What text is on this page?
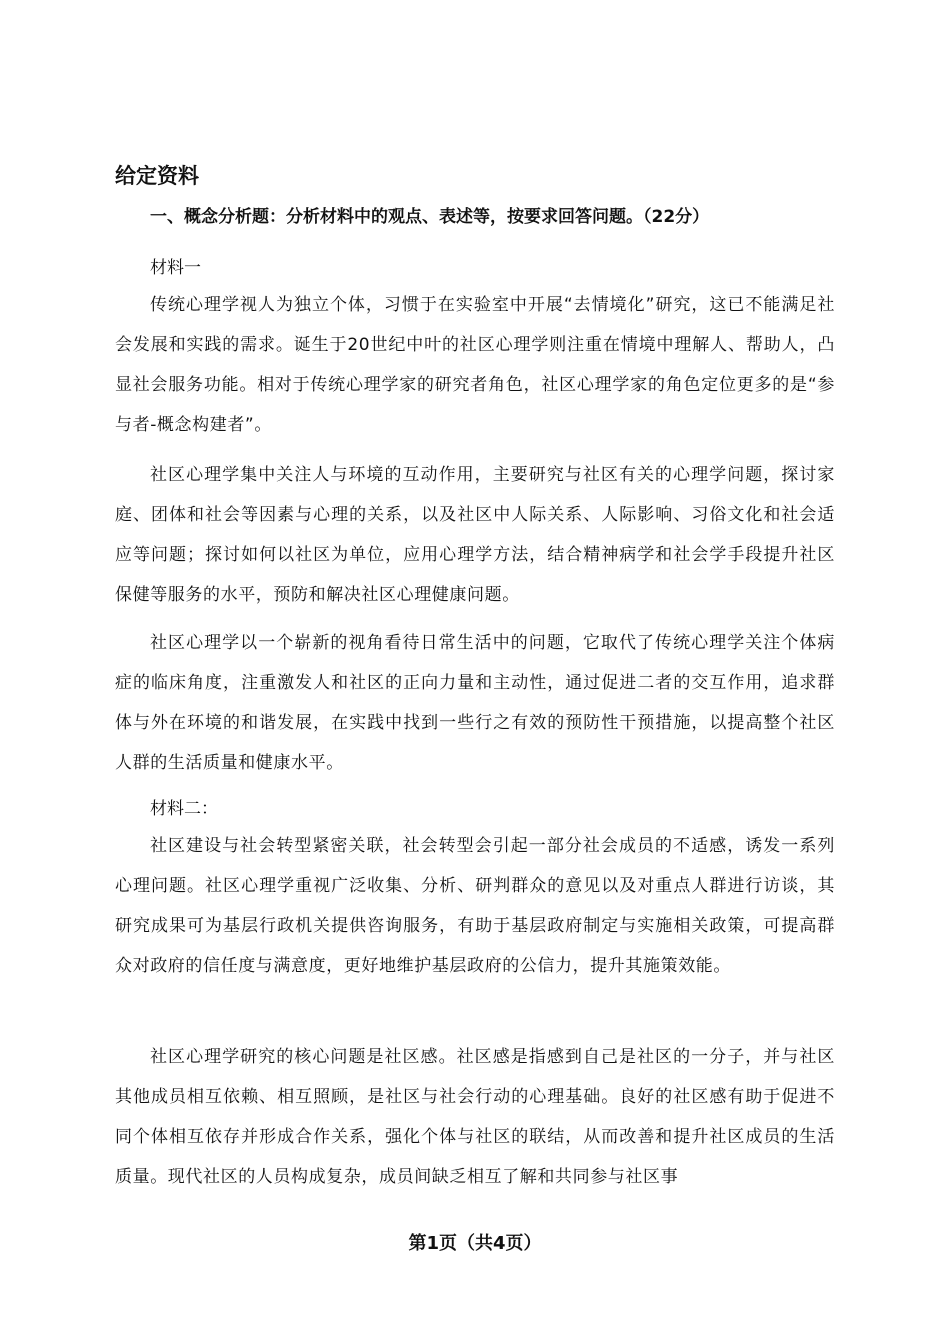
给定资料

一、概念分析题：分析材料中的观点、表述等，按要求回答问题。（22分）

材料一

传统心理学视人为独立个体，习惯于在实验室中开展“去情境化”研究，这已不能满足社会发展和实践的需求。诞生于20世纪中叶的社区心理学则注重在情境中理解人、帮助人，凸显社会服务功能。相对于传统心理学家的研究者角色，社区心理学家的角色定位更多的是“参与者-概念构建者”。

社区心理学集中关注人与环境的互动作用，主要研究与社区有关的心理学问题，探讨家庭、团体和社会等因素与心理的关系，以及社区中人际关系、人际影响、习俗文化和社会适应等问题；探讨如何以社区为单位，应用心理学方法，结合精神病学和社会学手段提升社区保健等服务的水平，预防和解决社区心理健康问题。

社区心理学以一个崭新的视角看待日常生活中的问题，它取代了传统心理学关注个体病症的临床角度，注重激发人和社区的正向力量和主动性，通过促进二者的交互作用，追求群体与外在环境的和谐发展，在实践中找到一些行之有效的预防性干预措施，以提高整个社区人群的生活质量和健康水平。

材料二：

社区建设与社会转型紧密关联，社会转型会引起一部分社会成员的不适感，诱发一系列心理问题。社区心理学重视广泛收集、分析、研判群众的意见以及对重点人群进行访谈，其研究成果可为基层行政机关提供咨询服务，有助于基层政府制定与实施相关政策，可提高群众对政府的信任度与满意度，更好地维护基层政府的公信力，提升其施策效能。

社区心理学研究的核心问题是社区感。社区感是指感到自己是社区的一分子，并与社区其他成员相互依赖、相互照顾，是社区与社会行动的心理基础。良好的社区感有助于促进不同个体相互依存并形成合作关系，强化个体与社区的联结，从而改善和提升社区成员的生活质量。现代社区的人员构成复杂，成员间缺乏相互了解和共同参与社区事

第1页（共4页）
